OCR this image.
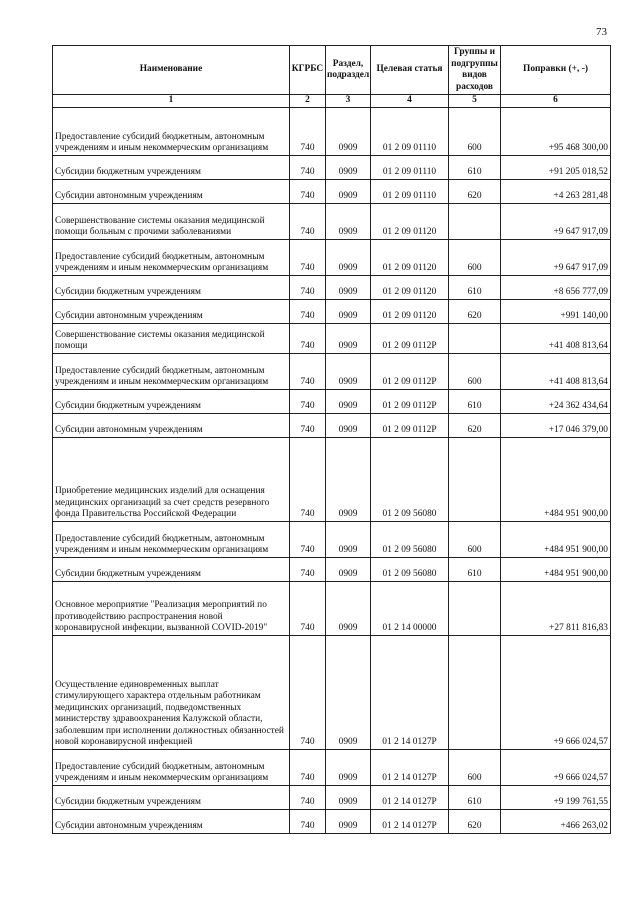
73
Наименование	КГРБС	Раздел, подраздел	Целевая статья	Группы и подгруппы видов расходов	Поправки (+, -)
1	2	3	4	5	6
Предоставление субсидий бюджетным, автономным учреждениям и иным некоммерческим организациям	740	0909	01 2 09 01110	600	+95 468 300,00
Субсидии бюджетным учреждениям	740	0909	01 2 09 01110	610	+91 205 018,52
Субсидии автономным учреждениям	740	0909	01 2 09 01110	620	+4 263 281,48
Совершенствование системы оказания медицинской помощи больным с прочими заболеваниями	740	0909	01 2 09 01120		+9 647 917,09
Предоставление субсидий бюджетным, автономным учреждениям и иным некоммерческим организациям	740	0909	01 2 09 01120	600	+9 647 917,09
Субсидии бюджетным учреждениям	740	0909	01 2 09 01120	610	+8 656 777,09
Субсидии автономным учреждениям	740	0909	01 2 09 01120	620	+991 140,00
Совершенствование системы оказания медицинской помощи	740	0909	01 2 09 0112Р		+41 408 813,64
Предоставление субсидий бюджетным, автономным учреждениям и иным некоммерческим организациям	740	0909	01 2 09 0112Р	600	+41 408 813,64
Субсидии бюджетным учреждениям	740	0909	01 2 09 0112Р	610	+24 362 434,64
Субсидии автономным учреждениям	740	0909	01 2 09 0112Р	620	+17 046 379,00
Приобретение медицинских изделий для оснащения медицинских организаций за счет средств резервного фонда Правительства Российской Федерации	740	0909	01 2 09 56080		+484 951 900,00
Предоставление субсидий бюджетным, автономным учреждениям и иным некоммерческим организациям	740	0909	01 2 09 56080	600	+484 951 900,00
Субсидии бюджетным учреждениям	740	0909	01 2 09 56080	610	+484 951 900,00
Основное мероприятие "Реализация мероприятий по противодействию распространения новой коронавирусной инфекции, вызванной COVID-2019"	740	0909	01 2 14 00000		+27 811 816,83
Осуществление единовременных выплат стимулирующего характера отдельным работникам медицинских организаций, подведомственных министерству здравоохранения Калужской области, заболевшим при исполнении должностных обязанностей новой коронавирусной инфекцией	740	0909	01 2 14 0127Р		+9 666 024,57
Предоставление субсидий бюджетным, автономным учреждениям и иным некоммерческим организациям	740	0909	01 2 14 0127Р	600	+9 666 024,57
Субсидии бюджетным учреждениям	740	0909	01 2 14 0127Р	610	+9 199 761,55
Субсидии автономным учреждениям	740	0909	01 2 14 0127Р	620	+466 263,02
